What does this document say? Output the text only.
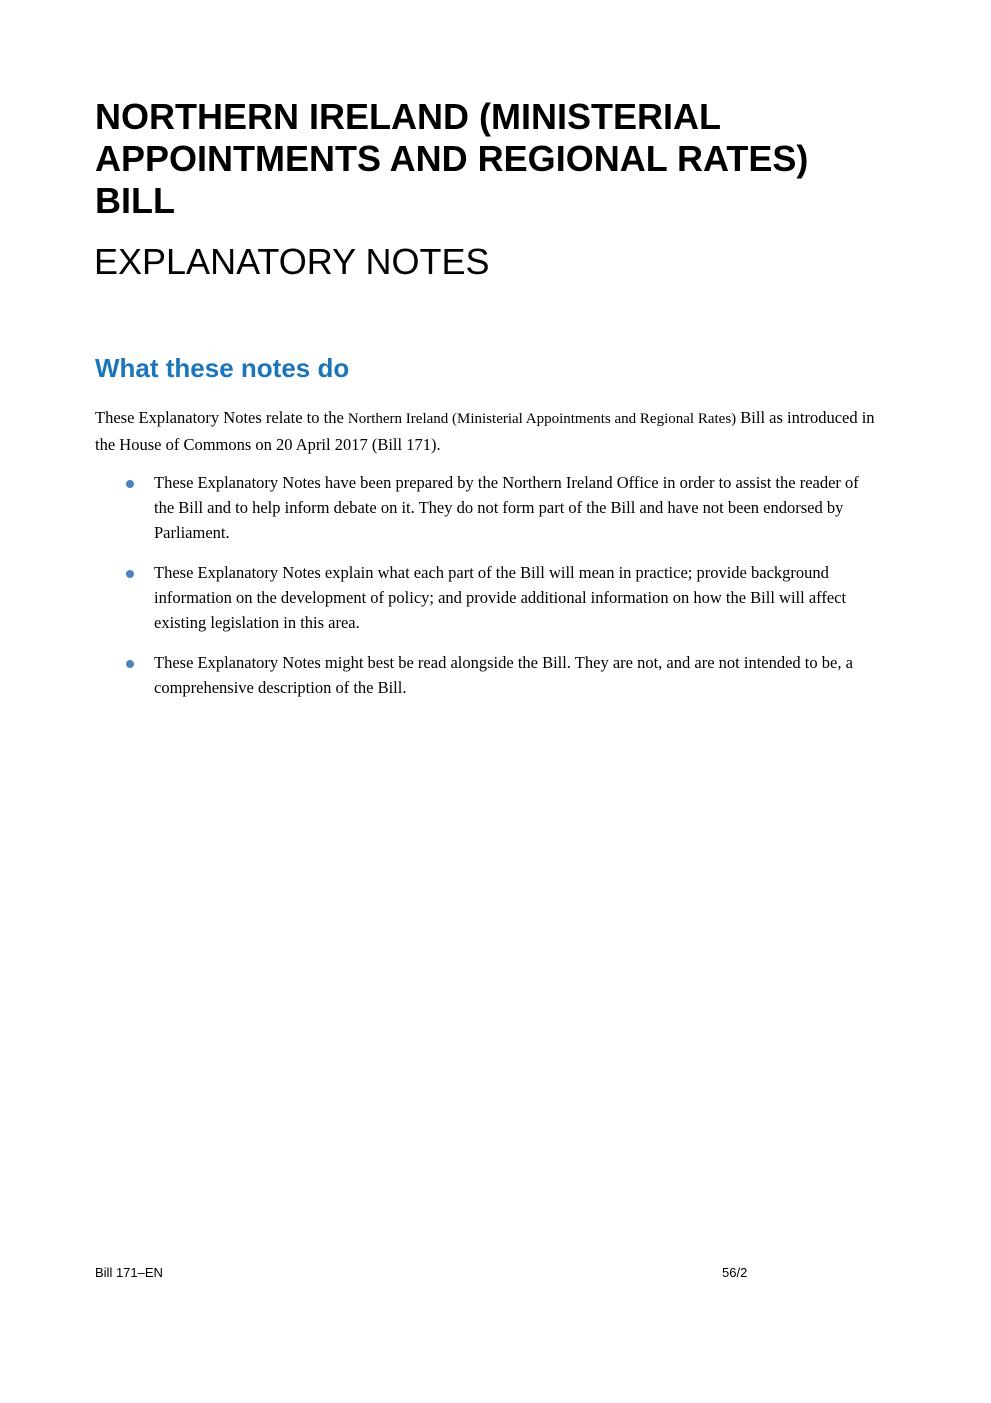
NORTHERN IRELAND (MINISTERIAL
APPOINTMENTS AND REGIONAL RATES)
BILL
EXPLANATORY NOTES
What these notes do

These Explanatory Notes relate to the Northern Ireland (Ministerial Appointments and Regional Rates) Bill as introduced in the House of Commons on 20 April 2017 (Bill 171).

These Explanatory Notes have been prepared by the Northern Ireland Office in order to assist the reader of the Bill and to help inform debate on it. They do not form part of the Bill and have not been endorsed by Parliament.
These Explanatory Notes explain what each part of the Bill will mean in practice; provide background information on the development of policy; and provide additional information on how the Bill will affect existing legislation in this area.
These Explanatory Notes might best be read alongside the Bill. They are not, and are not intended to be, a comprehensive description of the Bill.
Bill 171–EN	56/2
